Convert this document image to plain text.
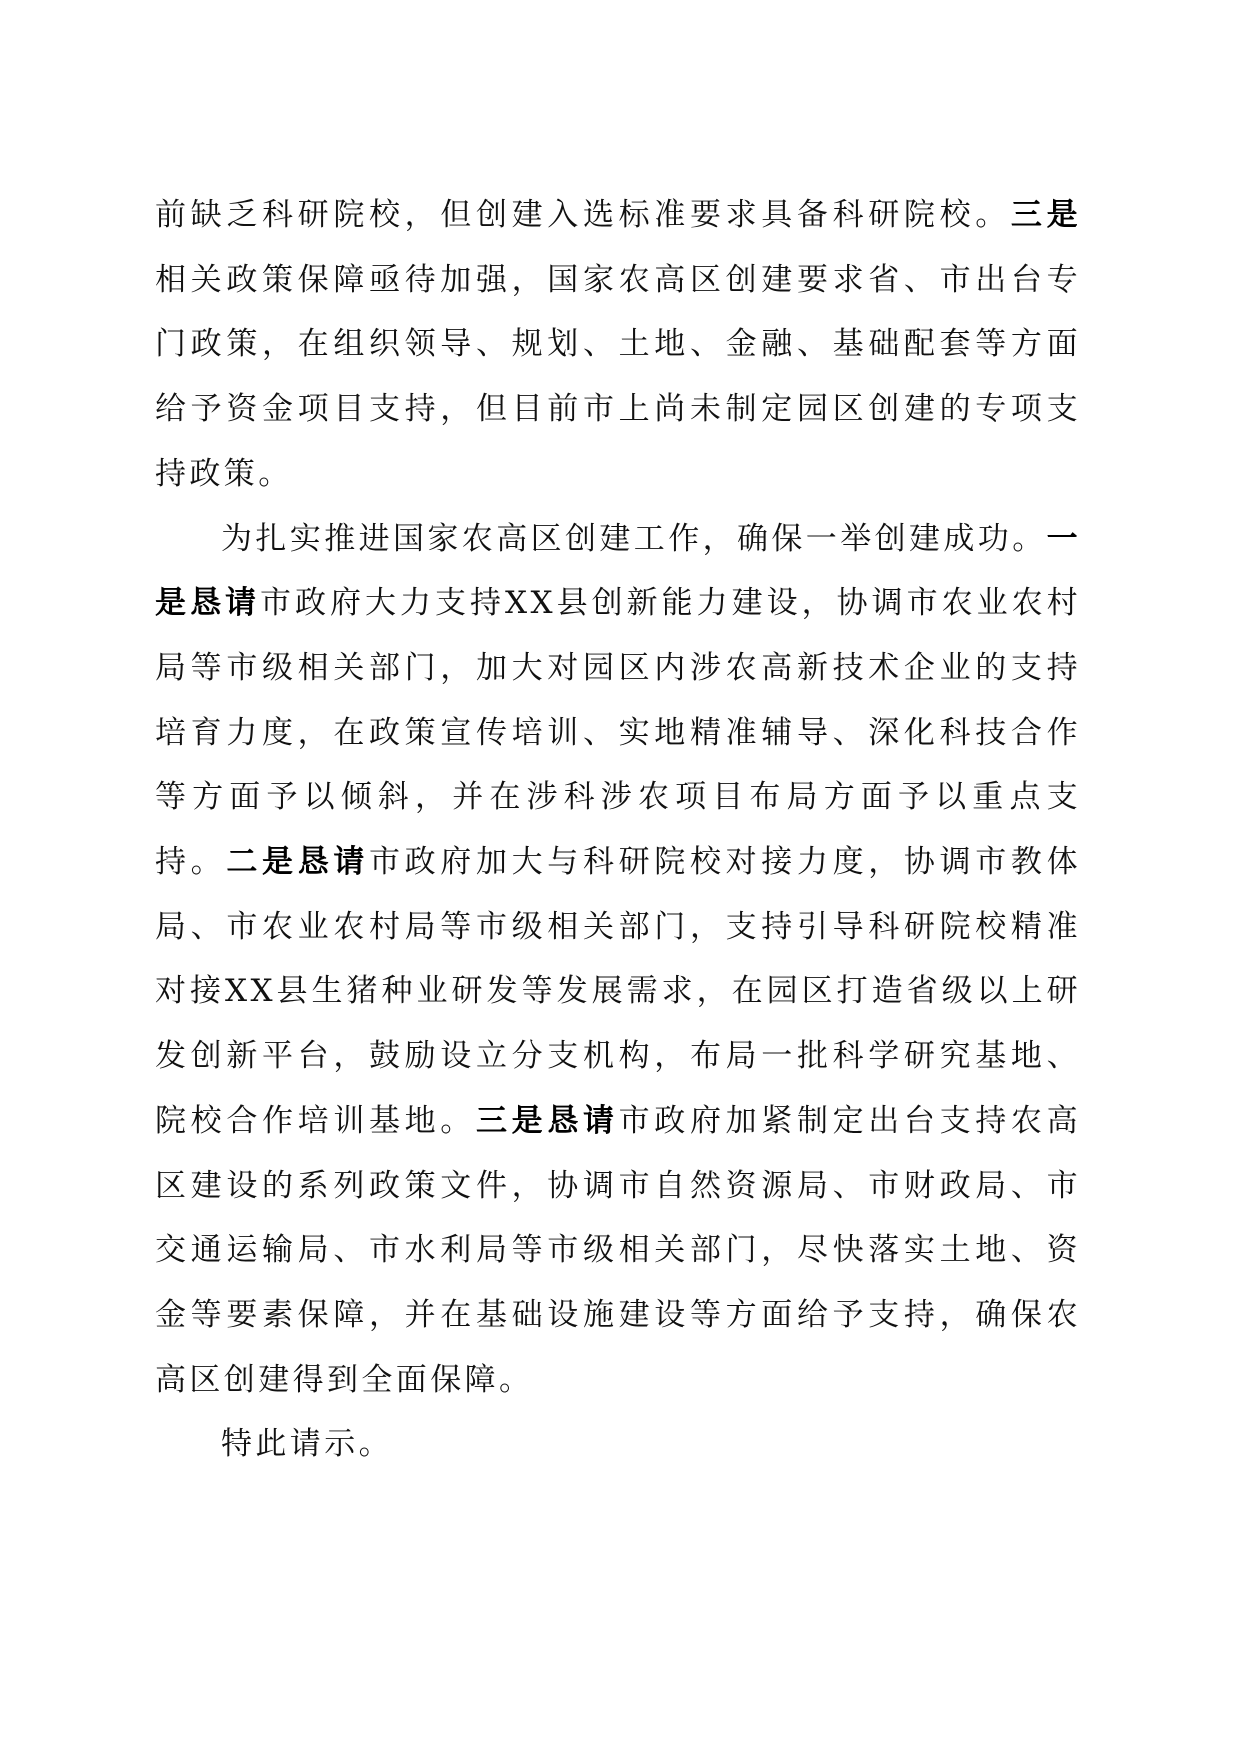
前缺乏科研院校，但创建入选标准要求具备科研院校。三是相关政策保障亟待加强，国家农高区创建要求省、市出台专门政策，在组织领导、规划、土地、金融、基础配套等方面给予资金项目支持，但目前市上尚未制定园区创建的专项支持政策。

为扎实推进国家农高区创建工作，确保一举创建成功。一是恳请市政府大力支持XX县创新能力建设，协调市农业农村局等市级相关部门，加大对园区内涉农高新技术企业的支持培育力度，在政策宣传培训、实地精准辅导、深化科技合作等方面予以倾斜，并在涉科涉农项目布局方面予以重点支持。二是恳请市政府加大与科研院校对接力度，协调市教体局、市农业农村局等市级相关部门，支持引导科研院校精准对接XX县生猪种业研发等发展需求，在园区打造省级以上研发创新平台，鼓励设立分支机构，布局一批科学研究基地、院校合作培训基地。三是恳请市政府加紧制定出台支持农高区建设的系列政策文件，协调市自然资源局、市财政局、市交通运输局、市水利局等市级相关部门，尽快落实土地、资金等要素保障，并在基础设施建设等方面给予支持，确保农高区创建得到全面保障。

特此请示。
